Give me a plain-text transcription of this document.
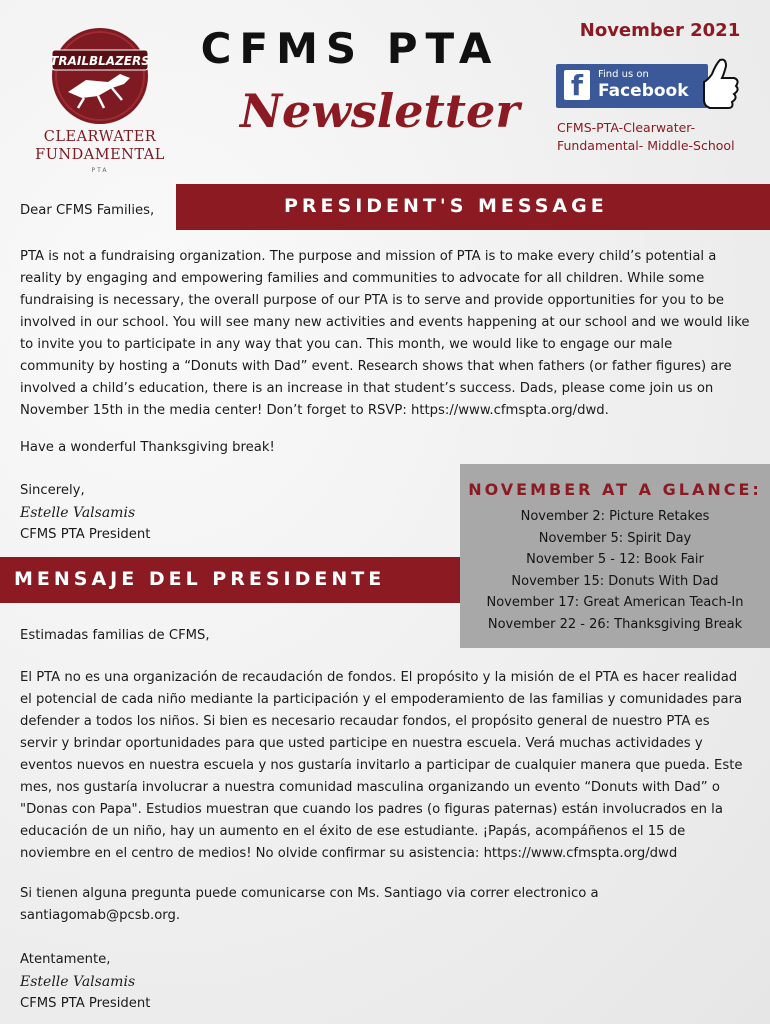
TRAILBLAZERS
CLEARWATER
FUNDAMENTAL
PTA
CFMS PTA
Newsletter
November 2021
f	Find us on
Facebook
CFMS-PTA-Clearwater-Fundamental- Middle-School
PRESIDENT'S MESSAGE
Dear CFMS Families,

PTA is not a fundraising organization. The purpose and mission of PTA is to make every child’s potential a reality by engaging and empowering families and communities to advocate for all children. While some fundraising is necessary, the overall purpose of our PTA is to serve and provide opportunities for you to be involved in our school. You will see many new activities and events happening at our school and we would like to invite you to participate in any way that you can. This month, we would like to engage our male community by hosting a “Donuts with Dad” event. Research shows that when fathers (or father figures) are involved a child’s education, there is an increase in that student’s success. Dads, please come join us on November 15th in the media center! Don’t forget to RSVP: https://www.cfmspta.org/dwd.

Have a wonderful Thanksgiving break!
Sincerely,
Estelle Valsamis
CFMS PTA President
NOVEMBER AT A GLANCE:
November 2: Picture Retakes
November 5: Spirit Day
November 5 - 12: Book Fair
November 15: Donuts With Dad
November 17: Great American Teach-In
November 22 - 26: Thanksgiving Break
MENSAJE DEL PRESIDENTE
Estimadas familias de CFMS,

El PTA no es una organización de recaudación de fondos. El propósito y la misión de el PTA es hacer realidad el potencial de cada niño mediante la participación y el empoderamiento de las familias y comunidades para defender a todos los niños. Si bien es necesario recaudar fondos, el propósito general de nuestro PTA es servir y brindar oportunidades para que usted participe en nuestra escuela. Verá muchas actividades y eventos nuevos en nuestra escuela y nos gustaría invitarlo a participar de cualquier manera que pueda. Este mes, nos gustaría involucrar a nuestra comunidad masculina organizando un evento “Donuts with Dad” o "Donas con Papa". Estudios muestran que cuando los padres (o figuras paternas) están involucrados en la educación de un niño, hay un aumento en el éxito de ese estudiante. ¡Papás, acompáñenos el 15 de noviembre en el centro de medios! No olvide confirmar su asistencia: https://www.cfmspta.org/dwd

Si tienen alguna pregunta puede comunicarse con Ms. Santiago via correr electronico a santiagomab@pcsb.org.
Atentamente,
Estelle Valsamis
CFMS PTA President
